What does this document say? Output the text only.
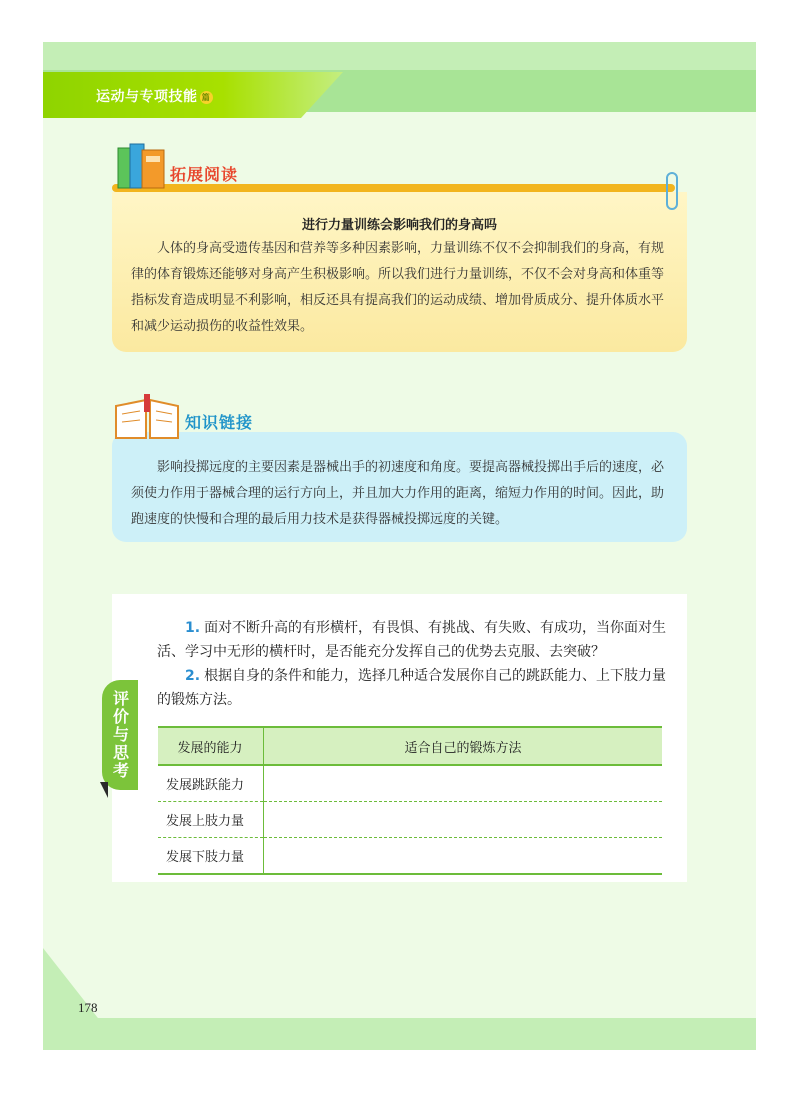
运动与专项技能 篇
拓展阅读
进行力量训练会影响我们的身高吗

人体的身高受遗传基因和营养等多种因素影响，力量训练不仅不会抑制我们的身高，有规律的体育锻炼还能够对身高产生积极影响。所以我们进行力量训练，不仅不会对身高和体重等指标发育造成明显不利影响，相反还具有提高我们的运动成绩、增加骨质成分、提升体质水平和减少运动损伤的收益性效果。

知识链接

影响投掷远度的主要因素是器械出手的初速度和角度。要提高器械投掷出手后的速度，必须使力作用于器械合理的运行方向上，并且加大力作用的距离，缩短力作用的时间。因此，助跑速度的快慢和合理的最后用力技术是获得器械投掷远度的关键。

评价与思考

1. 面对不断升高的有形横杆，有畏惧、有挑战、有失败、有成功，当你面对生活、学习中无形的横杆时，是否能充分发挥自己的优势去克服、去突破？

2. 根据自身的条件和能力，选择几种适合发展你自己的跳跃能力、上下肢力量的锻炼方法。

发展的能力	适合自己的锻炼方法
发展跳跃能力	
发展上肢力量	
发展下肢力量	
178
